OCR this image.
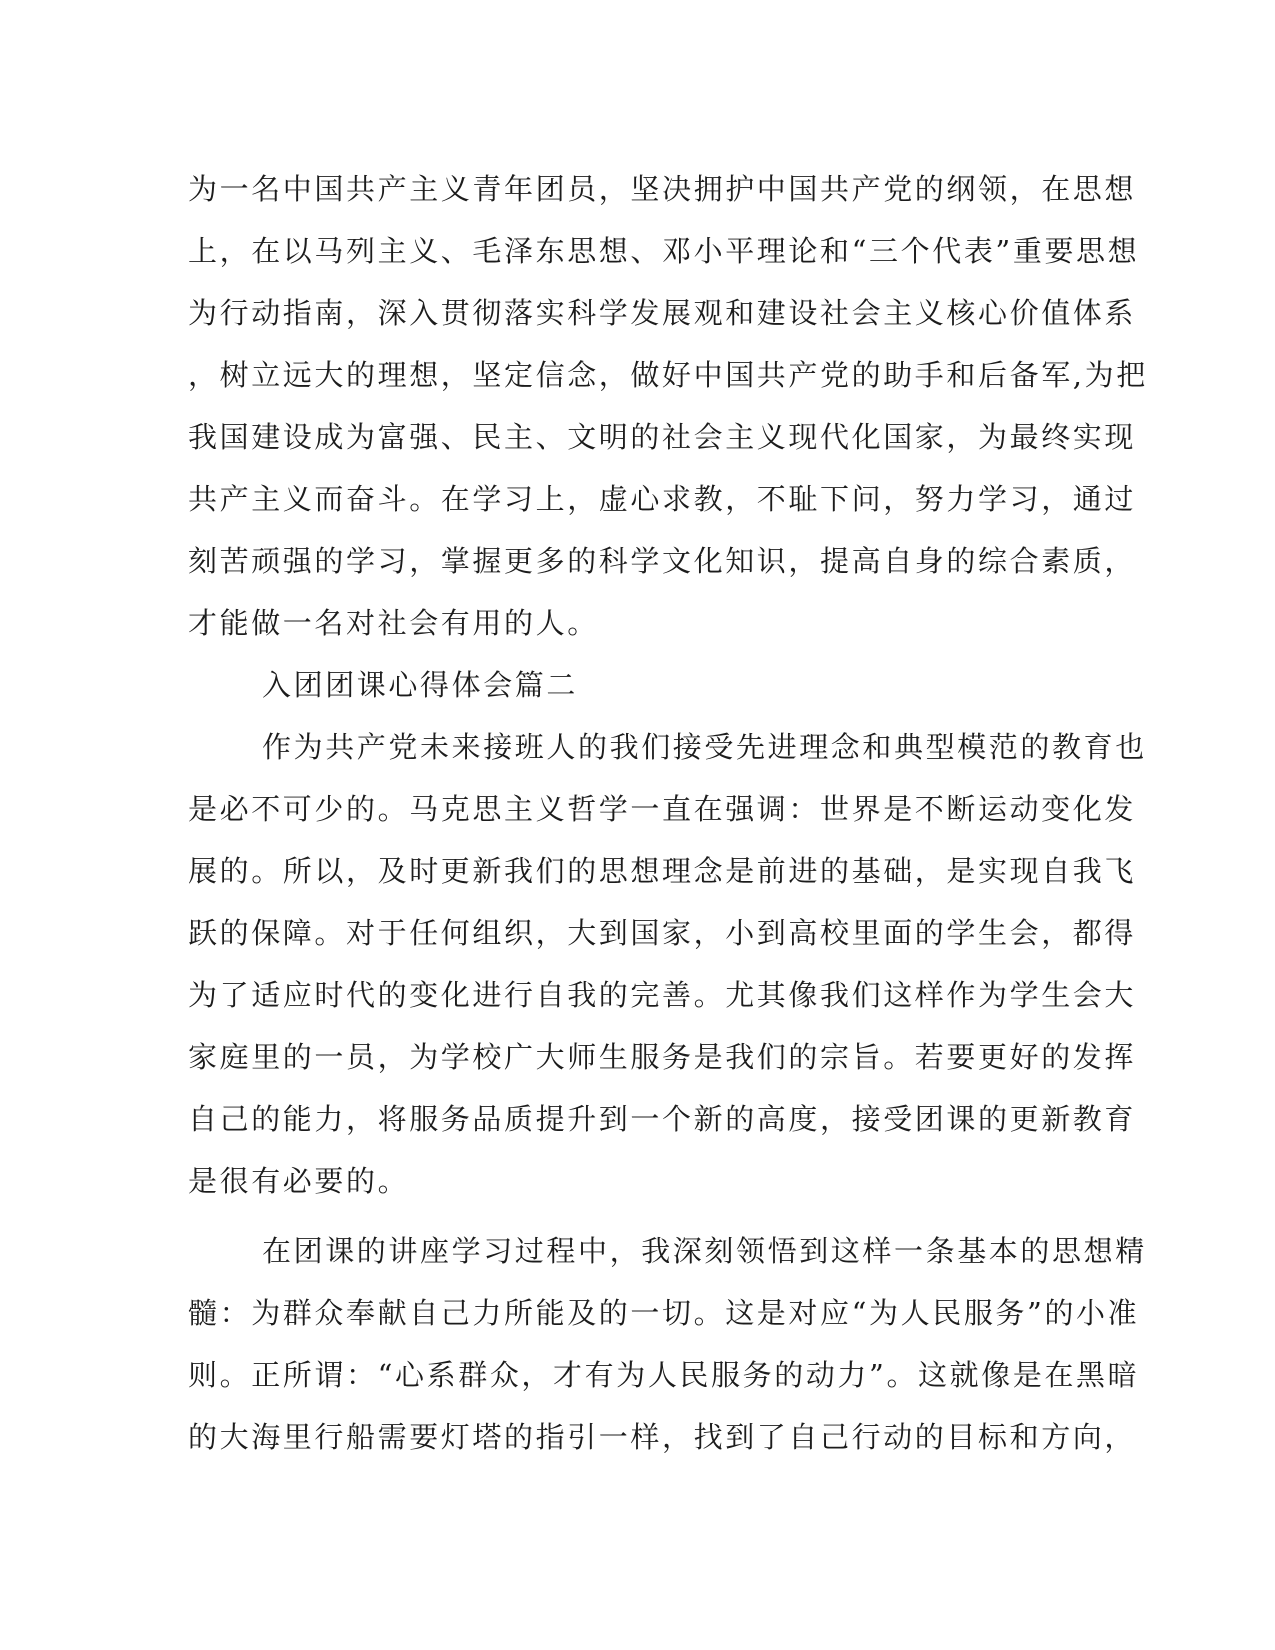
为一名中国共产主义青年团员，坚决拥护中国共产党的纲领，在思想
上，在以马列主义、毛泽东思想、邓小平理论和“三个代表”重要思想
为行动指南，深入贯彻落实科学发展观和建设社会主义核心价值体系
，树立远大的理想，坚定信念，做好中国共产党的助手和后备军,为把
我国建设成为富强、民主、文明的社会主义现代化国家，为最终实现
共产主义而奋斗。在学习上，虚心求教，不耻下问，努力学习，通过
刻苦顽强的学习，掌握更多的科学文化知识，提高自身的综合素质，
才能做一名对社会有用的人。
入团团课心得体会篇二
作为共产党未来接班人的我们接受先进理念和典型模范的教育也
是必不可少的。马克思主义哲学一直在强调：世界是不断运动变化发
展的。所以，及时更新我们的思想理念是前进的基础，是实现自我飞
跃的保障。对于任何组织，大到国家，小到高校里面的学生会，都得
为了适应时代的变化进行自我的完善。尤其像我们这样作为学生会大
家庭里的一员，为学校广大师生服务是我们的宗旨。若要更好的发挥
自己的能力，将服务品质提升到一个新的高度，接受团课的更新教育
是很有必要的。
在团课的讲座学习过程中，我深刻领悟到这样一条基本的思想精
髓：为群众奉献自己力所能及的一切。这是对应“为人民服务”的小准
则。正所谓：“心系群众，才有为人民服务的动力”。这就像是在黑暗
的大海里行船需要灯塔的指引一样，找到了自己行动的目标和方向，
